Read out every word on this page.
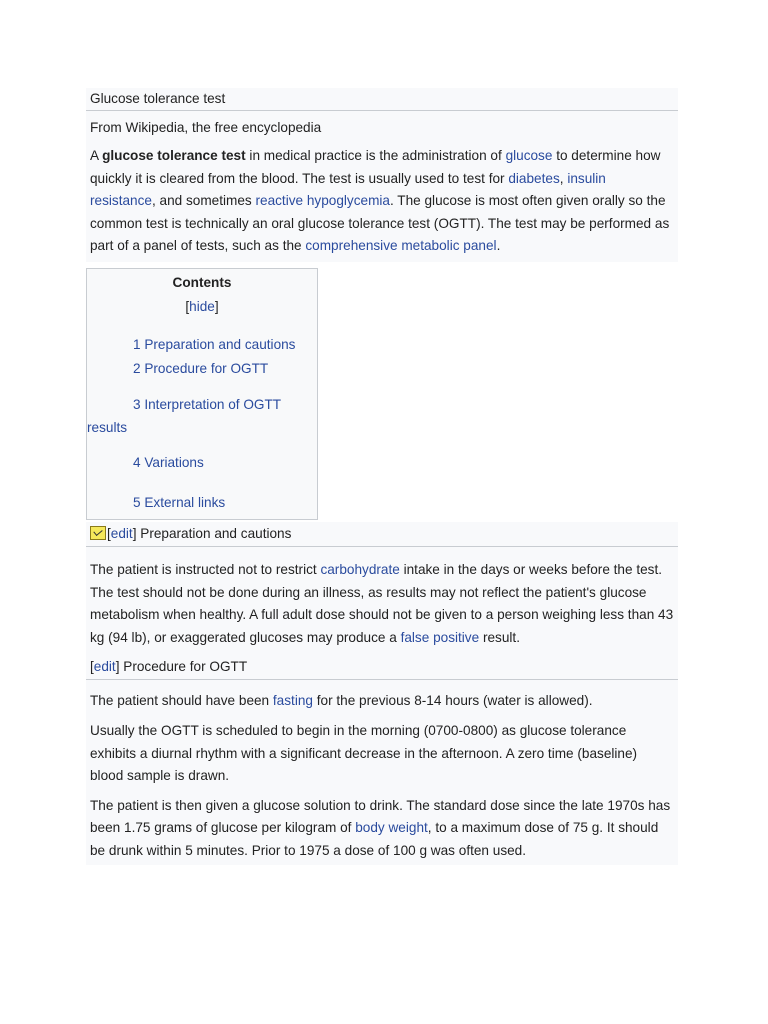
Glucose tolerance test
From Wikipedia, the free encyclopedia

A glucose tolerance test in medical practice is the administration of glucose to determine how quickly it is cleared from the blood. The test is usually used to test for diabetes, insulin resistance, and sometimes reactive hypoglycemia. The glucose is most often given orally so the common test is technically an oral glucose tolerance test (OGTT). The test may be performed as part of a panel of tests, such as the comprehensive metabolic panel.

Contents
[hide]
1 Preparation and cautions
2 Procedure for OGTT
3 Interpretation of OGTT
results
4 Variations
5 External links
[edit] Preparation and cautions

The patient is instructed not to restrict carbohydrate intake in the days or weeks before the test. The test should not be done during an illness, as results may not reflect the patient's glucose metabolism when healthy. A full adult dose should not be given to a person weighing less than 43 kg (94 lb), or exaggerated glucoses may produce a false positive result.

[edit] Procedure for OGTT

The patient should have been fasting for the previous 8-14 hours (water is allowed).

Usually the OGTT is scheduled to begin in the morning (0700-0800) as glucose tolerance exhibits a diurnal rhythm with a significant decrease in the afternoon. A zero time (baseline) blood sample is drawn.

The patient is then given a glucose solution to drink. The standard dose since the late 1970s has been 1.75 grams of glucose per kilogram of body weight, to a maximum dose of 75 g. It should be drunk within 5 minutes. Prior to 1975 a dose of 100 g was often used.
